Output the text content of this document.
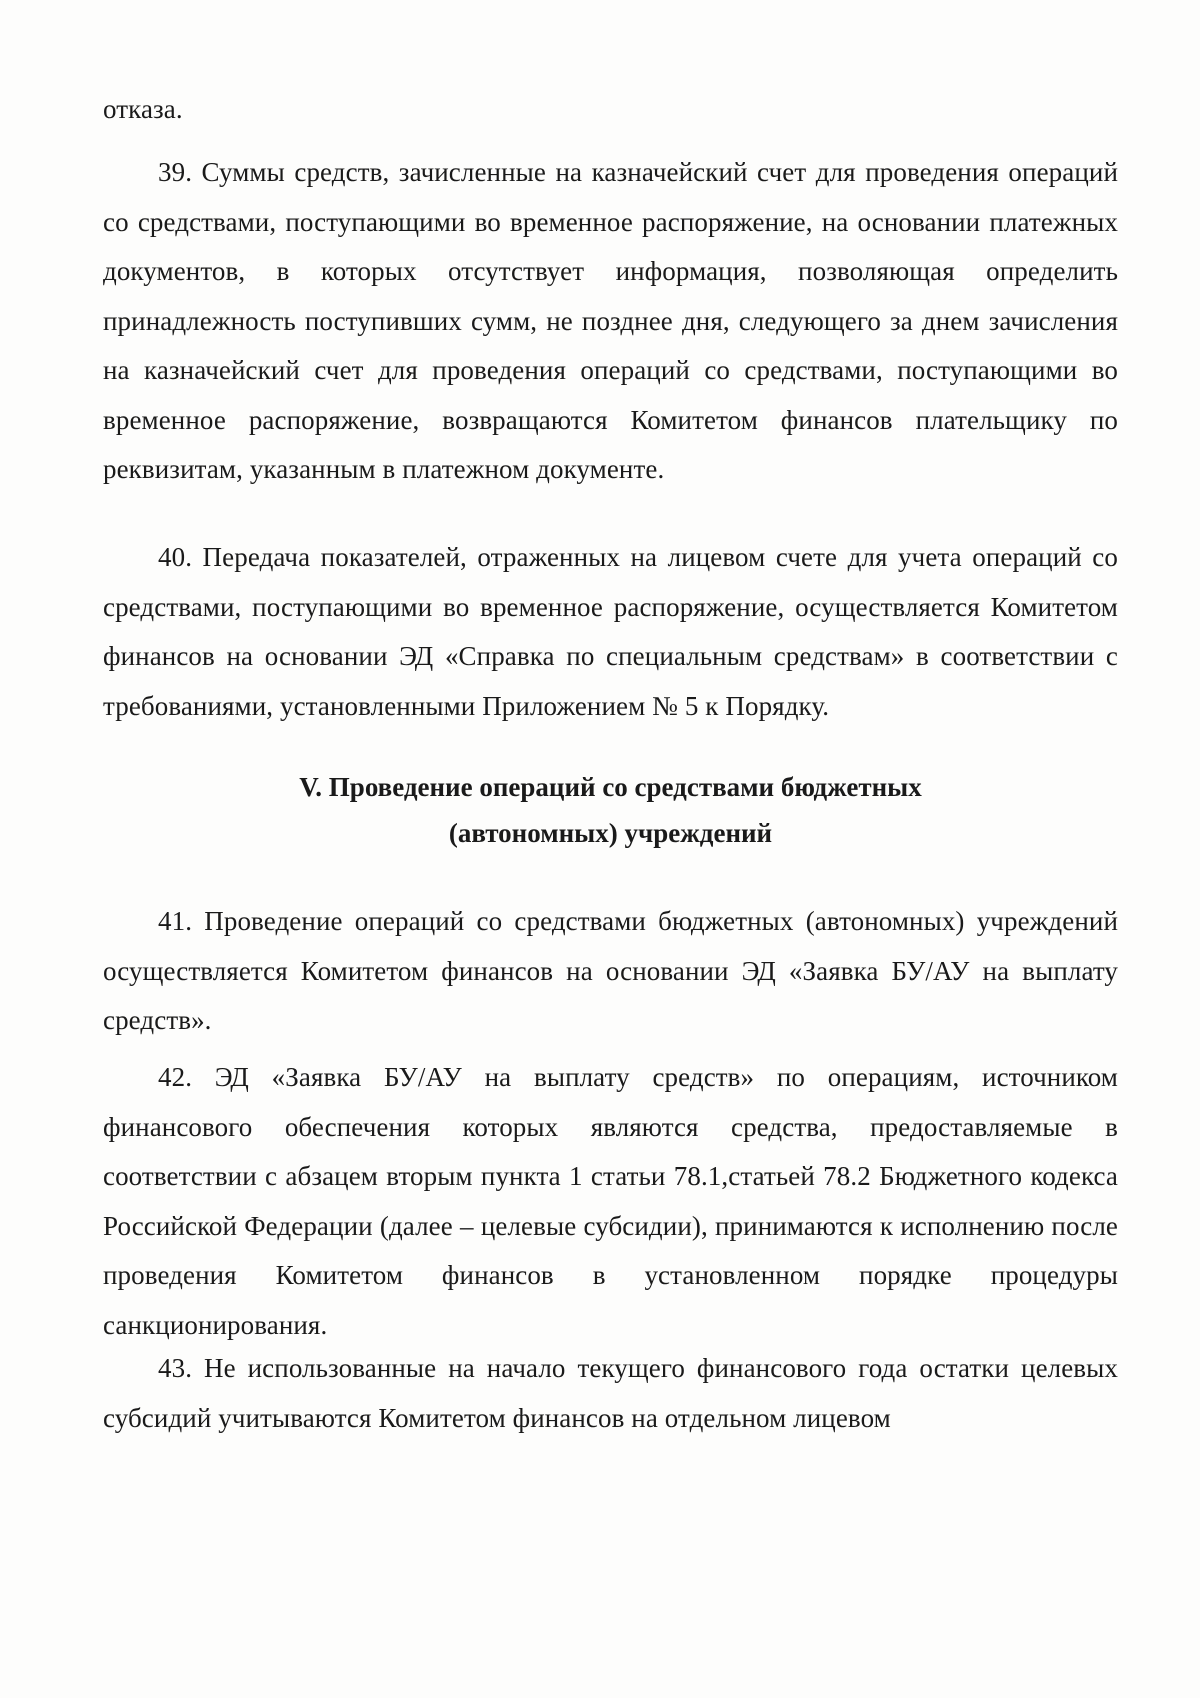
отказа.

39. Суммы средств, зачисленные на казначейский счет для проведения операций со средствами, поступающими во временное распоряжение, на основании платежных документов, в которых отсутствует информация, позволяющая определить принадлежность поступивших сумм, не позднее дня, следующего за днем зачисления на казначейский счет для проведения операций со средствами, поступающими во временное распоряжение, возвращаются Комитетом финансов плательщику по реквизитам, указанным в платежном документе.

40. Передача показателей, отраженных на лицевом счете для учета операций со средствами, поступающими во временное распоряжение, осуществляется Комитетом финансов на основании ЭД «Справка по специальным средствам» в соответствии с требованиями, установленными Приложением № 5 к Порядку.

V. Проведение операций со средствами бюджетных
(автономных) учреждений

41. Проведение операций со средствами бюджетных (автономных) учреждений осуществляется Комитетом финансов на основании ЭД «Заявка БУ/АУ на выплату средств».

42. ЭД «Заявка БУ/АУ на выплату средств» по операциям, источником финансового обеспечения которых являются средства, предоставляемые в соответствии с абзацем вторым пункта 1 статьи 78.1,статьей 78.2 Бюджетного кодекса Российской Федерации (далее – целевые субсидии), принимаются к исполнению после проведения Комитетом финансов в установленном порядке процедуры санкционирования.

43. Не использованные на начало текущего финансового года остатки целевых субсидий учитываются Комитетом финансов на отдельном лицевом
